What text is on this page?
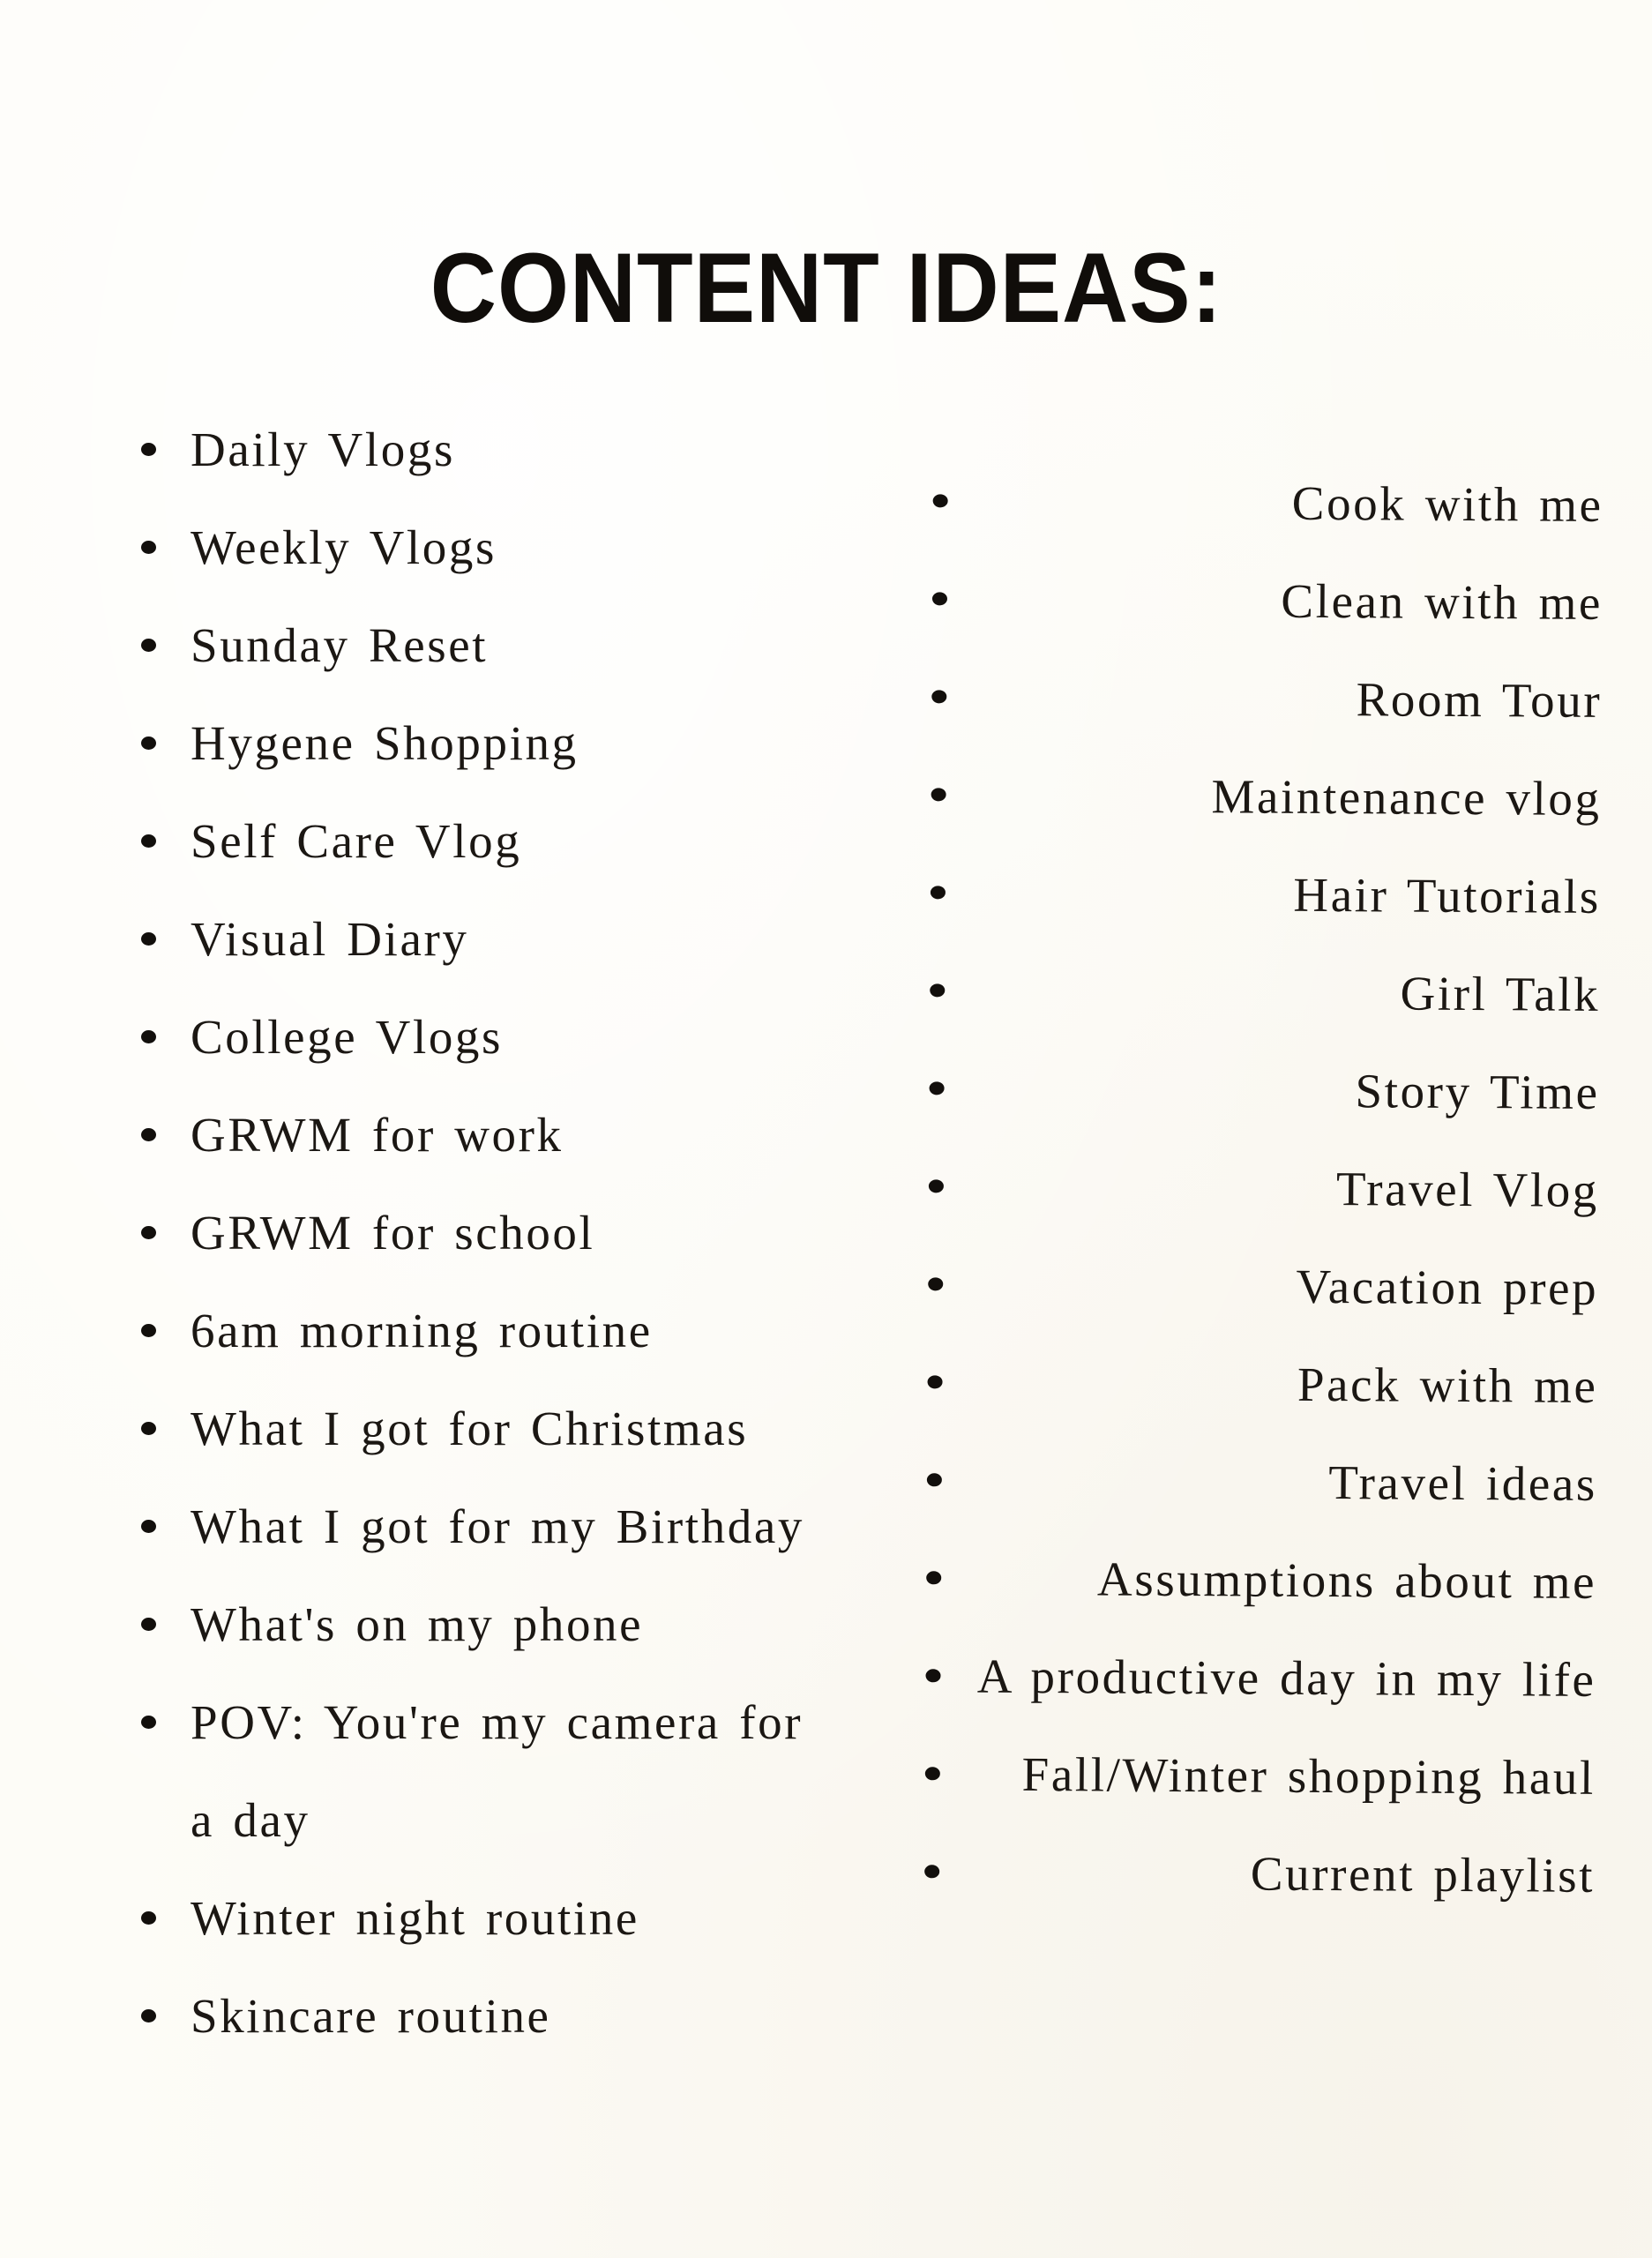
CONTENT IDEAS:
Daily Vlogs
Weekly Vlogs
Sunday Reset
Hygene Shopping
Self Care Vlog
Visual Diary
College Vlogs
GRWM for work
GRWM for school
6am morning routine
What I got for Christmas
What I got for my Birthday
What's on my phone
POV: You're my camera for a day
Winter night routine
Skincare routine
Cook with me
Clean with me
Room Tour
Maintenance vlog
Hair Tutorials
Girl Talk
Story Time
Travel Vlog
Vacation prep
Pack with me
Travel ideas
Assumptions about me
A productive day in my life
Fall/Winter shopping haul
Current playlist
